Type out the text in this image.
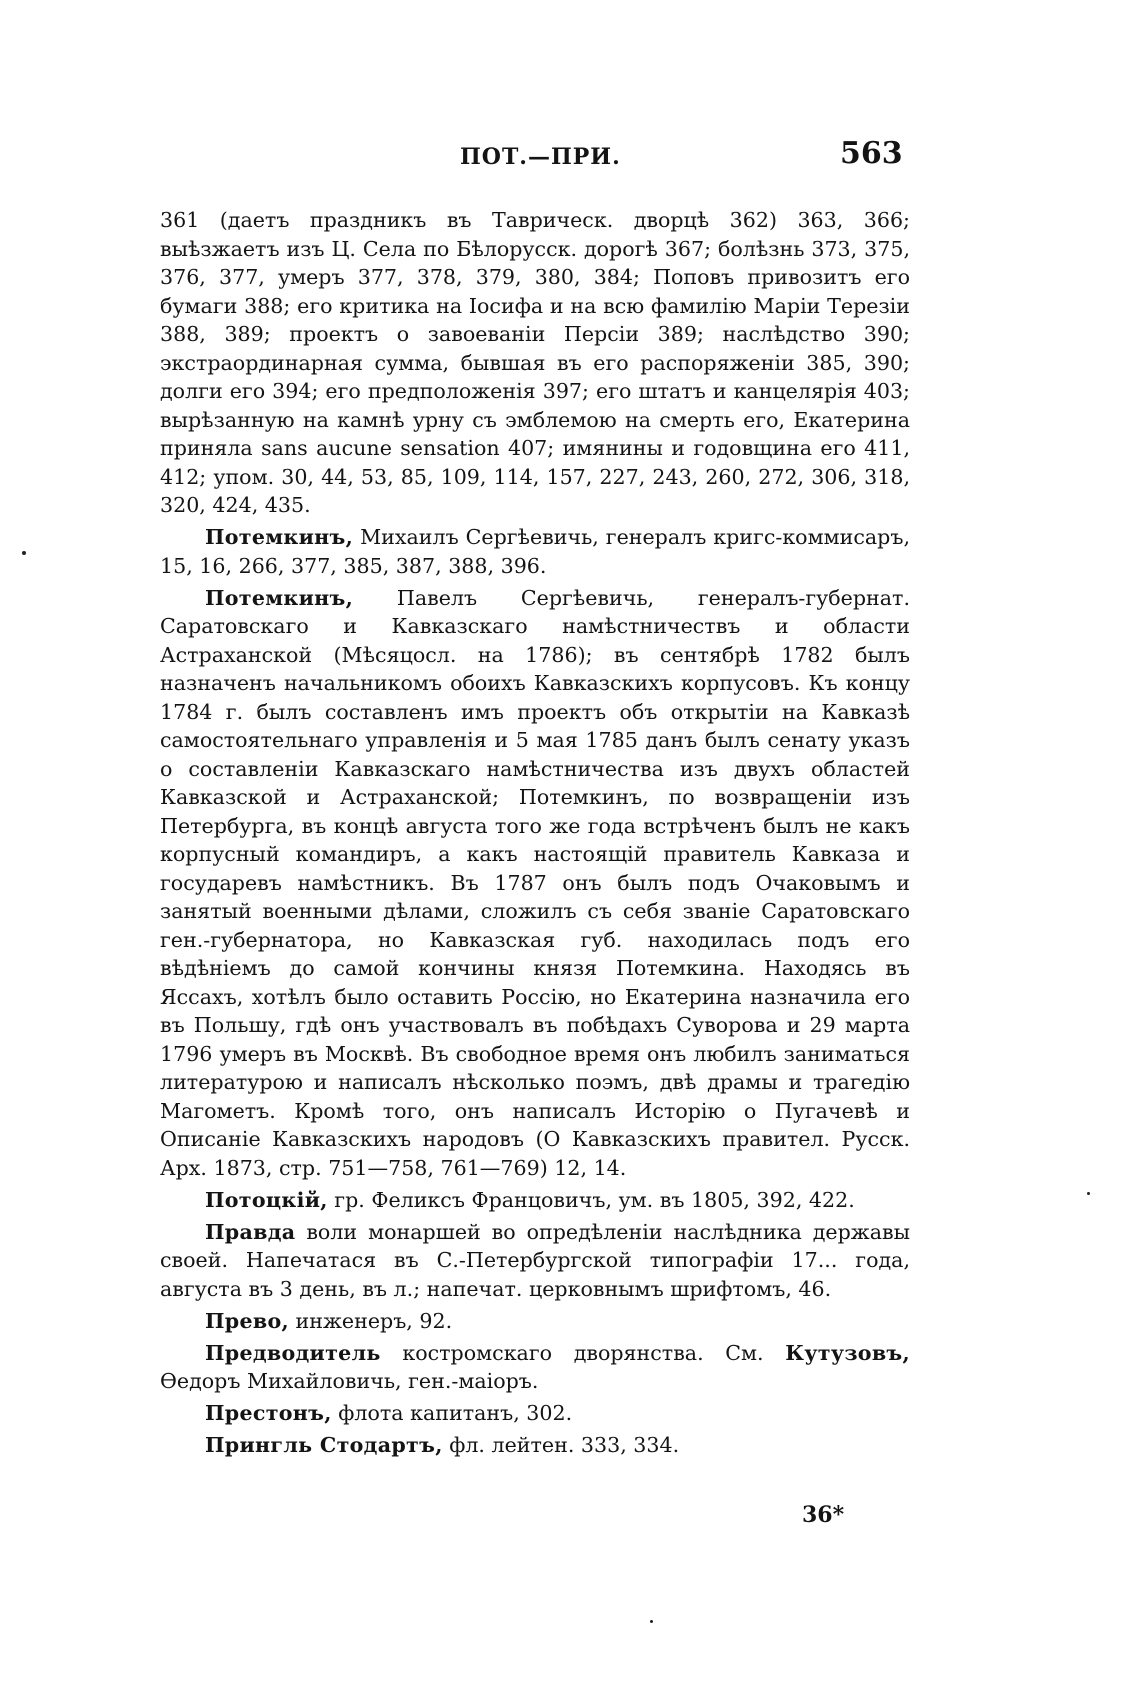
ПОТ.—ПРИ.	563

361 (даетъ праздникъ въ Таврическ. дворцѣ 362) 363, 366; выѣзжаетъ изъ Ц. Села по Бѣлорусск. дорогѣ 367; болѣзнь 373, 375, 376, 377, умеръ 377, 378, 379, 380, 384; Поповъ привозитъ его бумаги 388; его критика на Іосифа и на всю фамилію Маріи Терезіи 388, 389; проектъ о завоеваніи Персіи 389; наслѣдство 390; экстраординарная сумма, бывшая въ его распоряженіи 385, 390; долги его 394; его предположенія 397; его штатъ и канцелярія 403; вырѣзанную на камнѣ урну съ эмблемою на смерть его, Екатерина приняла sans aucune sensation 407; имянины и годовщина его 411, 412; упом. 30, 44, 53, 85, 109, 114, 157, 227, 243, 260, 272, 306, 318, 320, 424, 435.

Потемкинъ, Михаилъ Сергѣевичь, генералъ кригс-коммисаръ, 15, 16, 266, 377, 385, 387, 388, 396.

Потемкинъ, Павелъ Сергѣевичь, генералъ-губернат. Саратовскаго и Кавказскаго намѣстничествъ и области Астраханской (Мѣсяцосл. на 1786); въ сентябрѣ 1782 былъ назначенъ начальникомъ обоихъ Кавказскихъ корпусовъ. Къ концу 1784 г. былъ составленъ имъ проектъ объ открытіи на Кавказѣ самостоятельнаго управленія и 5 мая 1785 данъ былъ сенату указъ о составленіи Кавказскаго намѣстничества изъ двухъ областей Кавказской и Астраханской; Потемкинъ, по возвращеніи изъ Петербурга, въ концѣ августа того же года встрѣченъ былъ не какъ корпусный командиръ, а какъ настоящій правитель Кавказа и государевъ намѣстникъ. Въ 1787 онъ былъ подъ Очаковымъ и занятый военными дѣлами, сложилъ съ себя званіе Саратовскаго ген.-губернатора, но Кавказская губ. находилась подъ его вѣдѣніемъ до самой кончины князя Потемкина. Находясь въ Яссахъ, хотѣлъ было оставить Россію, но Екатерина назначила его въ Польшу, гдѣ онъ участвовалъ въ побѣдахъ Суворова и 29 марта 1796 умеръ въ Москвѣ. Въ свободное время онъ любилъ заниматься литературою и написалъ нѣсколько поэмъ, двѣ драмы и трагедію Магометъ. Кромѣ того, онъ написалъ Исторію о Пугачевѣ и Описаніе Кавказскихъ народовъ (О Кавказскихъ правител. Русск. Арх. 1873, стр. 751—758, 761—769) 12, 14.

Потоцкій, гр. Феликсъ Францовичъ, ум. въ 1805, 392, 422.

Правда воли монаршей во опредѣленіи наслѣдника державы своей. Напечатася въ С.-Петербургской типографіи 17... года, августа въ 3 день, въ л.; напечат. церковнымъ шрифтомъ, 46.

Прево, инженеръ, 92.

Предводитель костромскаго дворянства. См. Кутузовъ, Өедоръ Михайловичь, ген.-маіоръ.

Престонъ, флота капитанъ, 302.

Прингль Стодартъ, фл. лейтен. 333, 334.

36*
